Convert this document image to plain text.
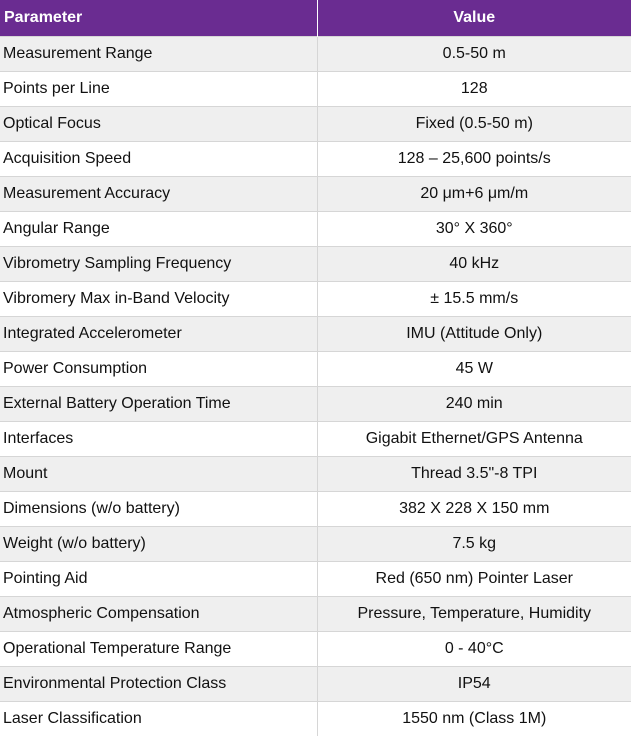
Parameter	Value
Measurement Range	0.5-50 m
Points per Line	128
Optical Focus	Fixed (0.5-50 m)
Acquisition Speed	128 – 25,600 points/s
Measurement Accuracy	20 μm+6 μm/m
Angular Range	30° X 360°
Vibrometry Sampling Frequency	40 kHz
Vibromery Max in-Band Velocity	± 15.5 mm/s
Integrated Accelerometer	IMU (Attitude Only)
Power Consumption	45 W
External Battery Operation Time	240 min
Interfaces	Gigabit Ethernet/GPS Antenna
Mount	Thread 3.5"-8 TPI
Dimensions (w/o battery)	382 X 228 X 150 mm
Weight (w/o battery)	7.5 kg
Pointing Aid	Red (650 nm) Pointer Laser
Atmospheric Compensation	Pressure, Temperature, Humidity
Operational Temperature Range	0 - 40°C
Environmental Protection Class	IP54
Laser Classification	1550 nm (Class 1M)
